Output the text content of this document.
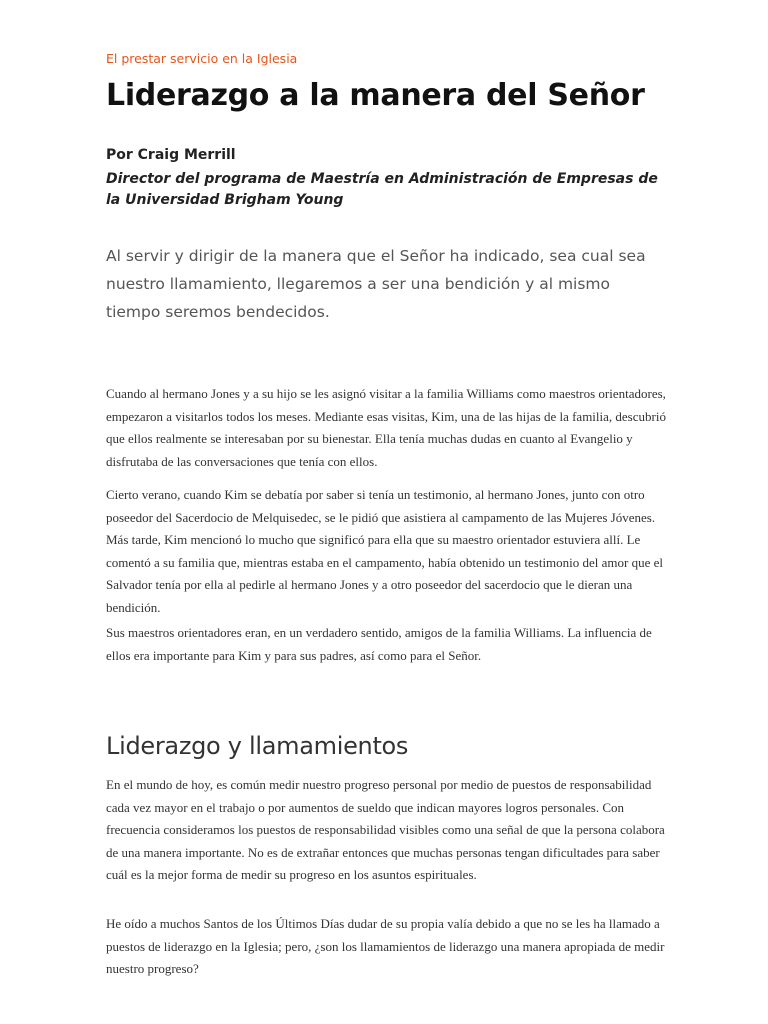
El prestar servicio en la Iglesia
Liderazgo a la manera del Señor
Por Craig Merrill
Director del programa de Maestría en Administración de Empresas de la Universidad Brigham Young

Al servir y dirigir de la manera que el Señor ha indicado, sea cual sea nuestro llamamiento, llegaremos a ser una bendición y al mismo tiempo seremos bendecidos.

Cuando al hermano Jones y a su hijo se les asignó visitar a la familia Williams como maestros orientadores, empezaron a visitarlos todos los meses. Mediante esas visitas, Kim, una de las hijas de la familia, descubrió que ellos realmente se interesaban por su bienestar. Ella tenía muchas dudas en cuanto al Evangelio y disfrutaba de las conversaciones que tenía con ellos.

Cierto verano, cuando Kim se debatía por saber si tenía un testimonio, al hermano Jones, junto con otro poseedor del Sacerdocio de Melquisedec, se le pidió que asistiera al campamento de las Mujeres Jóvenes. Más tarde, Kim mencionó lo mucho que significó para ella que su maestro orientador estuviera allí. Le comentó a su familia que, mientras estaba en el campamento, había obtenido un testimonio del amor que el Salvador tenía por ella al pedirle al hermano Jones y a otro poseedor del sacerdocio que le dieran una bendición.

Sus maestros orientadores eran, en un verdadero sentido, amigos de la familia Williams. La influencia de ellos era importante para Kim y para sus padres, así como para el Señor.

Liderazgo y llamamientos

En el mundo de hoy, es común medir nuestro progreso personal por medio de puestos de responsabilidad cada vez mayor en el trabajo o por aumentos de sueldo que indican mayores logros personales. Con frecuencia consideramos los puestos de responsabilidad visibles como una señal de que la persona colabora de una manera importante. No es de extrañar entonces que muchas personas tengan dificultades para saber cuál es la mejor forma de medir su progreso en los asuntos espirituales.

He oído a muchos Santos de los Últimos Días dudar de su propia valía debido a que no se les ha llamado a puestos de liderazgo en la Iglesia; pero, ¿son los llamamientos de liderazgo una manera apropiada de medir nuestro progreso?
